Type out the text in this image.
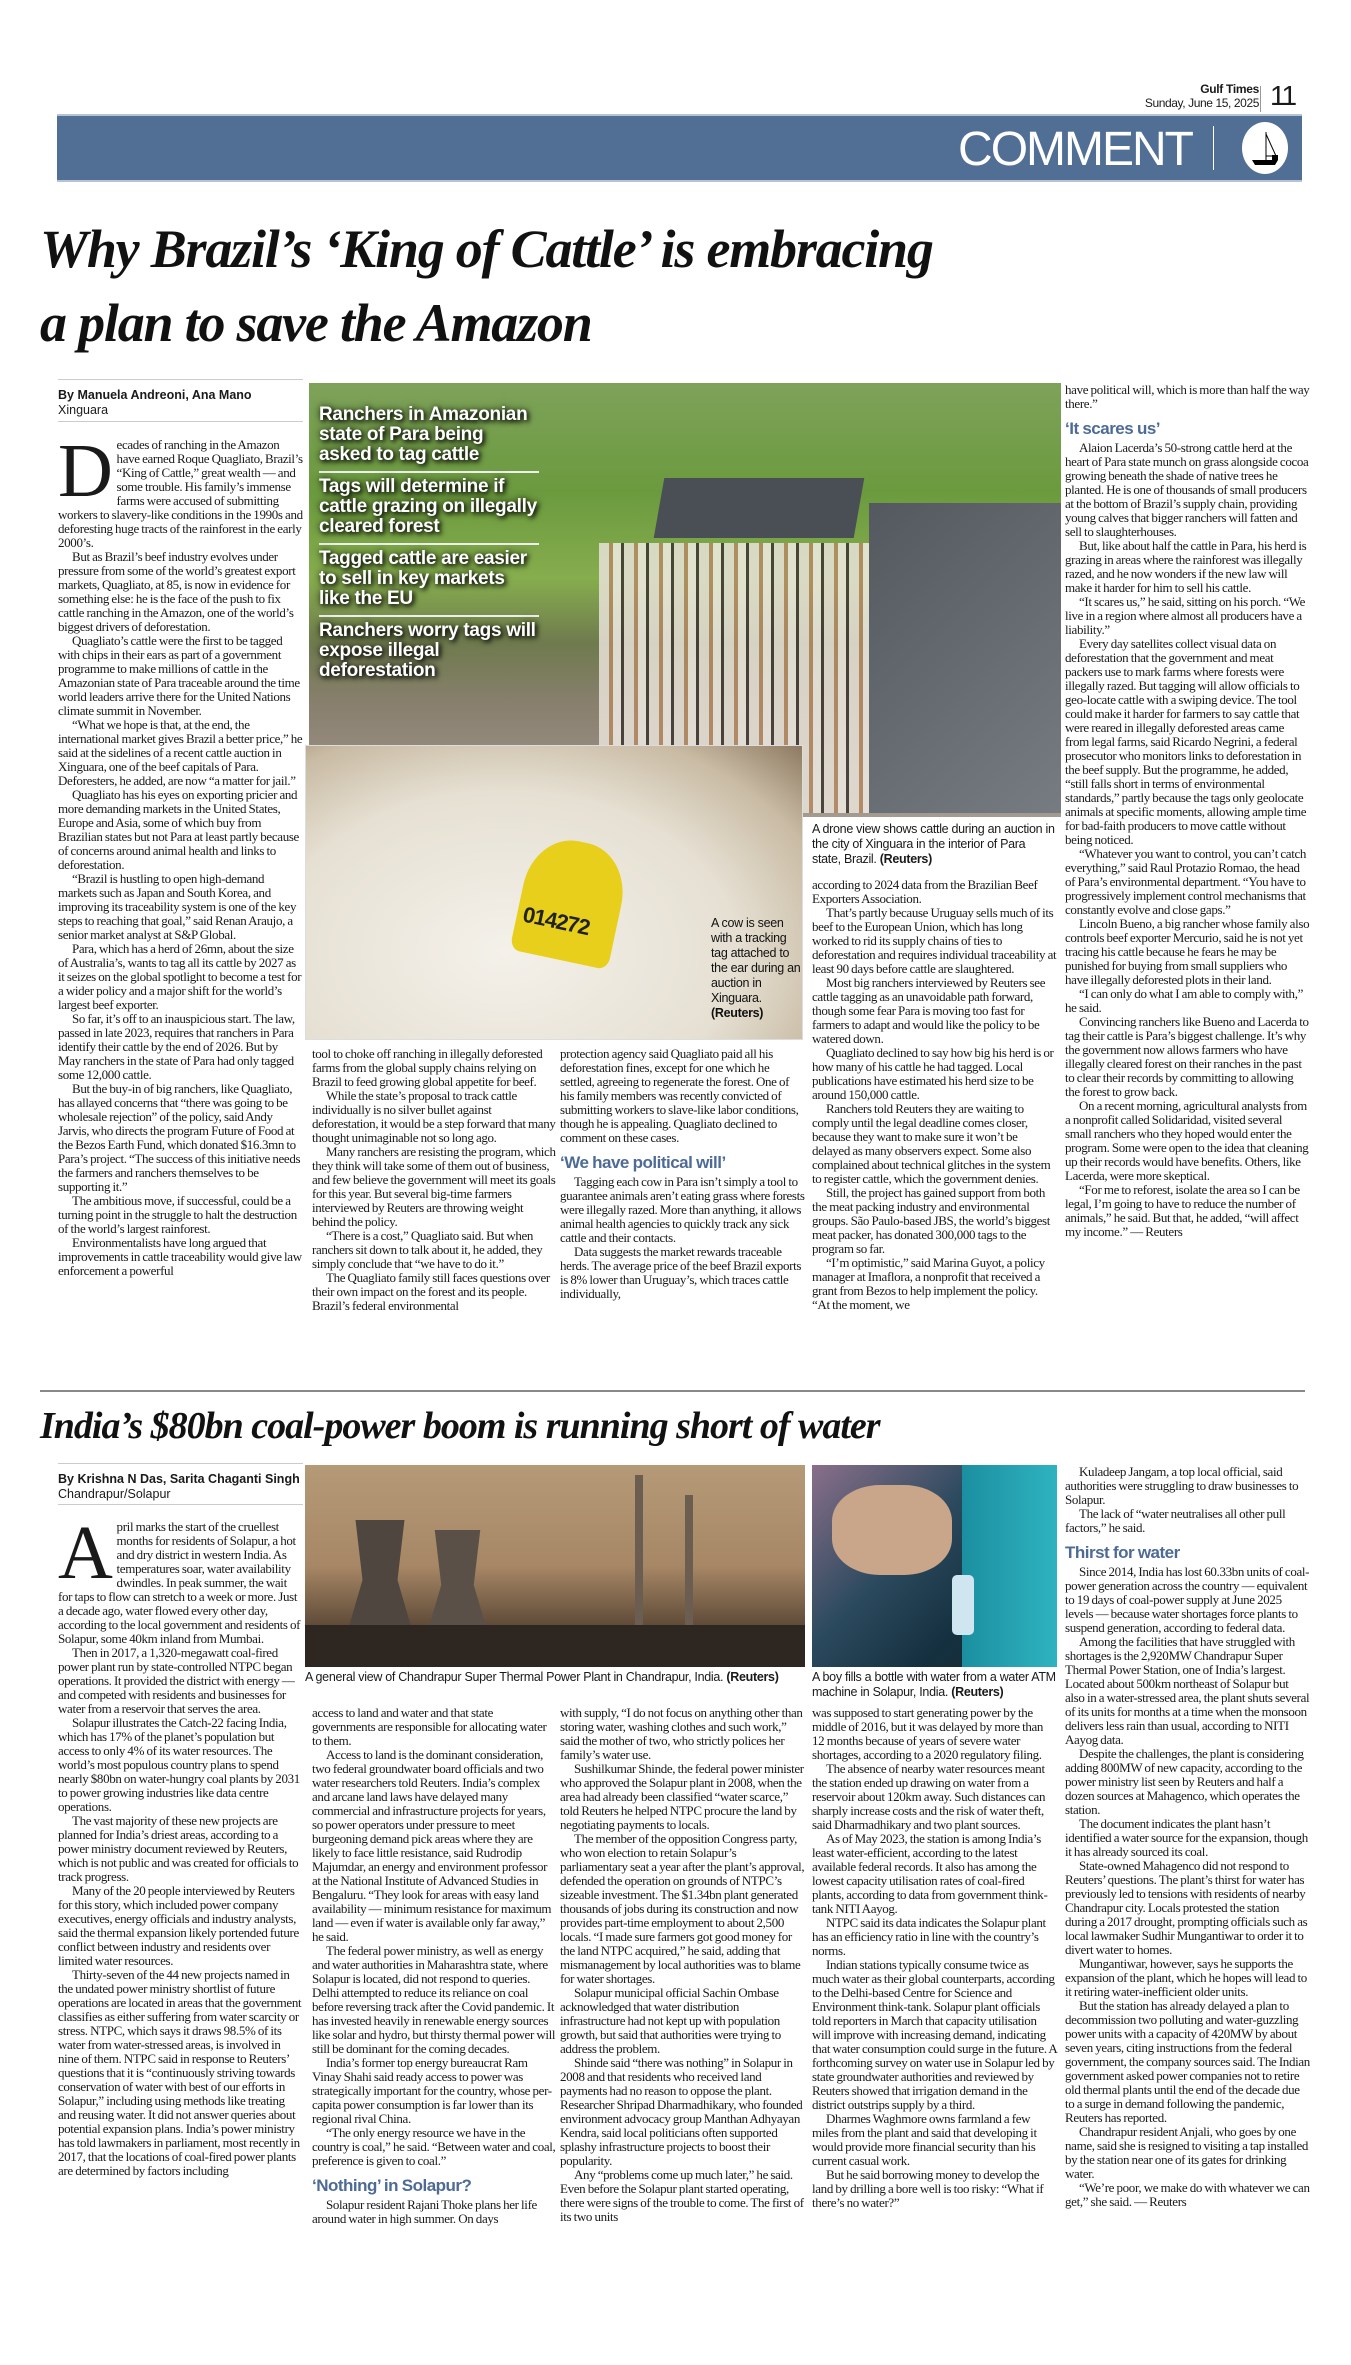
Gulf Times
Sunday, June 15, 2025 11
COMMENT
Why Brazil’s ‘King of Cattle’ is embracing
a plan to save the Amazon
By Manuela Andreoni, Ana Mano
Xinguara	Ranchers in Amazonian state of Para being asked to tag cattle
Tags will determine if cattle grazing on illegally cleared forest
Tagged cattle are easier to sell in key markets like the EU
Ranchers worry tags will expose illegal deforestation
014272	A cow is seen with a tracking tag attached to the ear during an auction in Xinguara. (Reuters)
A drone view shows cattle during an auction in the city of Xinguara in the interior of Para state, Brazil. (Reuters)

Decades of ranching in the Amazon have earned Roque Quagliato, Brazil’s “King of Cattle,” great wealth — and some trouble. His family’s immense farms were accused of submitting workers to slavery-like conditions in the 1990s and deforesting huge tracts of the rainforest in the early 2000’s.

But as Brazil’s beef industry evolves under pressure from some of the world’s greatest export markets, Quagliato, at 85, is now in evidence for something else: he is the face of the push to fix cattle ranching in the Amazon, one of the world’s biggest drivers of deforestation.

Quagliato’s cattle were the first to be tagged with chips in their ears as part of a government programme to make millions of cattle in the Amazonian state of Para traceable around the time world leaders arrive there for the United Nations climate summit in November.

“What we hope is that, at the end, the international market gives Brazil a better price,” he said at the sidelines of a recent cattle auction in Xinguara, one of the beef capitals of Para. Deforesters, he added, are now “a matter for jail.”

Quagliato has his eyes on exporting pricier and more demanding markets in the United States, Europe and Asia, some of which buy from Brazilian states but not Para at least partly because of concerns around animal health and links to deforestation.

“Brazil is hustling to open high-demand markets such as Japan and South Korea, and improving its traceability system is one of the key steps to reaching that goal,” said Renan Araujo, a senior market analyst at S&P Global.

Para, which has a herd of 26mn, about the size of Australia’s, wants to tag all its cattle by 2027 as it seizes on the global spotlight to become a test for a wider policy and a major shift for the world’s largest beef exporter.

So far, it’s off to an inauspicious start. The law, passed in late 2023, requires that ranchers in Para identify their cattle by the end of 2026. But by May ranchers in the state of Para had only tagged some 12,000 cattle.

But the buy-in of big ranchers, like Quagliato, has allayed concerns that “there was going to be wholesale rejection” of the policy, said Andy Jarvis, who directs the program Future of Food at the Bezos Earth Fund, which donated $16.3mn to Para’s project. “The success of this initiative needs the farmers and ranchers themselves to be supporting it.”

The ambitious move, if successful, could be a turning point in the struggle to halt the destruction of the world’s largest rainforest.

Environmentalists have long argued that improvements in cattle traceability would give law enforcement a powerful

tool to choke off ranching in illegally deforested farms from the global supply chains relying on Brazil to feed growing global appetite for beef.

While the state’s proposal to track cattle individually is no silver bullet against deforestation, it would be a step forward that many thought unimaginable not so long ago.

Many ranchers are resisting the program, which they think will take some of them out of business, and few believe the government will meet its goals for this year. But several big-time farmers interviewed by Reuters are throwing weight behind the policy.

“There is a cost,” Quagliato said. But when ranchers sit down to talk about it, he added, they simply conclude that “we have to do it.”

The Quagliato family still faces questions over their own impact on the forest and its people. Brazil’s federal environmental

protection agency said Quagliato paid all his deforestation fines, except for one which he settled, agreeing to regenerate the forest. One of his family members was recently convicted of submitting workers to slave-like labor conditions, though he is appealing. Quagliato declined to comment on these cases.

‘We have political will’

Tagging each cow in Para isn’t simply a tool to guarantee animals aren’t eating grass where forests were illegally razed. More than anything, it allows animal health agencies to quickly track any sick cattle and their contacts.

Data suggests the market rewards traceable herds. The average price of the beef Brazil exports is 8% lower than Uruguay’s, which traces cattle individually,

according to 2024 data from the Brazilian Beef Exporters Association.

That’s partly because Uruguay sells much of its beef to the European Union, which has long worked to rid its supply chains of ties to deforestation and requires individual traceability at least 90 days before cattle are slaughtered.

Most big ranchers interviewed by Reuters see cattle tagging as an unavoidable path forward, though some fear Para is moving too fast for farmers to adapt and would like the policy to be watered down.

Quagliato declined to say how big his herd is or how many of his cattle he had tagged. Local publications have estimated his herd size to be around 150,000 cattle.

Ranchers told Reuters they are waiting to comply until the legal deadline comes closer, because they want to make sure it won’t be delayed as many observers expect. Some also complained about technical glitches in the system to register cattle, which the government denies.

Still, the project has gained support from both the meat packing industry and environmental groups. São Paulo-based JBS, the world’s biggest meat packer, has donated 300,000 tags to the program so far.

“I’m optimistic,” said Marina Guyot, a policy manager at Imaflora, a nonprofit that received a grant from Bezos to help implement the policy. “At the moment, we

have political will, which is more than half the way there.”

‘It scares us’

Alaion Lacerda’s 50-strong cattle herd at the heart of Para state munch on grass alongside cocoa growing beneath the shade of native trees he planted. He is one of thousands of small producers at the bottom of Brazil’s supply chain, providing young calves that bigger ranchers will fatten and sell to slaughterhouses.

But, like about half the cattle in Para, his herd is grazing in areas where the rainforest was illegally razed, and he now wonders if the new law will make it harder for him to sell his cattle.

“It scares us,” he said, sitting on his porch. “We live in a region where almost all producers have a liability.”

Every day satellites collect visual data on deforestation that the government and meat packers use to mark farms where forests were illegally razed. But tagging will allow officials to geo-locate cattle with a swiping device. The tool could make it harder for farmers to say cattle that were reared in illegally deforested areas came from legal farms, said Ricardo Negrini, a federal prosecutor who monitors links to deforestation in the beef supply. But the programme, he added, “still falls short in terms of environmental standards,” partly because the tags only geolocate animals at specific moments, allowing ample time for bad-faith producers to move cattle without being noticed.

“Whatever you want to control, you can’t catch everything,” said Raul Protazio Romao, the head of Para’s environmental department. “You have to progressively implement control mechanisms that constantly evolve and close gaps.”

Lincoln Bueno, a big rancher whose family also controls beef exporter Mercurio, said he is not yet tracing his cattle because he fears he may be punished for buying from small suppliers who have illegally deforested plots in their land.

“I can only do what I am able to comply with,” he said.

Convincing ranchers like Bueno and Lacerda to tag their cattle is Para’s biggest challenge. It’s why the government now allows farmers who have illegally cleared forest on their ranches in the past to clear their records by committing to allowing the forest to grow back.

On a recent morning, agricultural analysts from a nonprofit called Solidaridad, visited several small ranchers who they hoped would enter the program. Some were open to the idea that cleaning up their records would have benefits. Others, like Lacerda, were more skeptical.

“For me to reforest, isolate the area so I can be legal, I’m going to have to reduce the number of animals,” he said. But that, he added, “will affect my income.” — Reuters

India’s $80bn coal-power boom is running short of water
By Krishna N Das, Sarita Chaganti Singh
Chandrapur/Solapur
A general view of Chandrapur Super Thermal Power Plant in Chandrapur, India. (Reuters)	A boy fills a bottle with water from a water ATM machine in Solapur, India. (Reuters)

April marks the start of the cruellest months for residents of Solapur, a hot and dry district in western India. As temperatures soar, water availability dwindles. In peak summer, the wait for taps to flow can stretch to a week or more. Just a decade ago, water flowed every other day, according to the local government and residents of Solapur, some 40km inland from Mumbai.

Then in 2017, a 1,320-megawatt coal-fired power plant run by state-controlled NTPC began operations. It provided the district with energy — and competed with residents and businesses for water from a reservoir that serves the area.

Solapur illustrates the Catch-22 facing India, which has 17% of the planet’s population but access to only 4% of its water resources. The world’s most populous country plans to spend nearly $80bn on water-hungry coal plants by 2031 to power growing industries like data centre operations.

The vast majority of these new projects are planned for India’s driest areas, according to a power ministry document reviewed by Reuters, which is not public and was created for officials to track progress.

Many of the 20 people interviewed by Reuters for this story, which included power company executives, energy officials and industry analysts, said the thermal expansion likely portended future conflict between industry and residents over limited water resources.

Thirty-seven of the 44 new projects named in the undated power ministry shortlist of future operations are located in areas that the government classifies as either suffering from water scarcity or stress. NTPC, which says it draws 98.5% of its water from water-stressed areas, is involved in nine of them. NTPC said in response to Reuters’ questions that it is “continuously striving towards conservation of water with best of our efforts in Solapur,” including using methods like treating and reusing water. It did not answer queries about potential expansion plans. India’s power ministry has told lawmakers in parliament, most recently in 2017, that the locations of coal-fired power plants are determined by factors including

access to land and water and that state governments are responsible for allocating water to them.

Access to land is the dominant consideration, two federal groundwater board officials and two water researchers told Reuters. India’s complex and arcane land laws have delayed many commercial and infrastructure projects for years, so power operators under pressure to meet burgeoning demand pick areas where they are likely to face little resistance, said Rudrodip Majumdar, an energy and environment professor at the National Institute of Advanced Studies in Bengaluru. “They look for areas with easy land availability — minimum resistance for maximum land — even if water is available only far away,” he said.

The federal power ministry, as well as energy and water authorities in Maharashtra state, where Solapur is located, did not respond to queries. Delhi attempted to reduce its reliance on coal before reversing track after the Covid pandemic. It has invested heavily in renewable energy sources like solar and hydro, but thirsty thermal power will still be dominant for the coming decades.

India’s former top energy bureaucrat Ram Vinay Shahi said ready access to power was strategically important for the country, whose per-capita power consumption is far lower than its regional rival China.

“The only energy resource we have in the country is coal,” he said. “Between water and coal, preference is given to coal.”

‘Nothing’ in Solapur?

Solapur resident Rajani Thoke plans her life around water in high summer. On days

with supply, “I do not focus on anything other than storing water, washing clothes and such work,” said the mother of two, who strictly polices her family’s water use.

Sushilkumar Shinde, the federal power minister who approved the Solapur plant in 2008, when the area had already been classified “water scarce,” told Reuters he helped NTPC procure the land by negotiating payments to locals.

The member of the opposition Congress party, who won election to retain Solapur’s parliamentary seat a year after the plant’s approval, defended the operation on grounds of NTPC’s sizeable investment. The $1.34bn plant generated thousands of jobs during its construction and now provides part-time employment to about 2,500 locals. “I made sure farmers got good money for the land NTPC acquired,” he said, adding that mismanagement by local authorities was to blame for water shortages.

Solapur municipal official Sachin Ombase acknowledged that water distribution infrastructure had not kept up with population growth, but said that authorities were trying to address the problem.

Shinde said “there was nothing” in Solapur in 2008 and that residents who received land payments had no reason to oppose the plant. Researcher Shripad Dharmadhikary, who founded environment advocacy group Manthan Adhyayan Kendra, said local politicians often supported splashy infrastructure projects to boost their popularity.

Any “problems come up much later,” he said. Even before the Solapur plant started operating, there were signs of the trouble to come. The first of its two units

was supposed to start generating power by the middle of 2016, but it was delayed by more than 12 months because of years of severe water shortages, according to a 2020 regulatory filing.

The absence of nearby water resources meant the station ended up drawing on water from a reservoir about 120km away. Such distances can sharply increase costs and the risk of water theft, said Dharmadhikary and two plant sources.

As of May 2023, the station is among India’s least water-efficient, according to the latest available federal records. It also has among the lowest capacity utilisation rates of coal-fired plants, according to data from government think-tank NITI Aayog.

NTPC said its data indicates the Solapur plant has an efficiency ratio in line with the country’s norms.

Indian stations typically consume twice as much water as their global counterparts, according to the Delhi-based Centre for Science and Environment think-tank. Solapur plant officials told reporters in March that capacity utilisation will improve with increasing demand, indicating that water consumption could surge in the future. A forthcoming survey on water use in Solapur led by state groundwater authorities and reviewed by Reuters showed that irrigation demand in the district outstrips supply by a third.

Dharmes Waghmore owns farmland a few miles from the plant and said that developing it would provide more financial security than his current casual work.

But he said borrowing money to develop the land by drilling a bore well is too risky: “What if there’s no water?”

Kuladeep Jangam, a top local official, said authorities were struggling to draw businesses to Solapur.

The lack of “water neutralises all other pull factors,” he said.

Thirst for water

Since 2014, India has lost 60.33bn units of coal-power generation across the country — equivalent to 19 days of coal-power supply at June 2025 levels — because water shortages force plants to suspend generation, according to federal data.

Among the facilities that have struggled with shortages is the 2,920MW Chandrapur Super Thermal Power Station, one of India’s largest. Located about 500km northeast of Solapur but also in a water-stressed area, the plant shuts several of its units for months at a time when the monsoon delivers less rain than usual, according to NITI Aayog data.

Despite the challenges, the plant is considering adding 800MW of new capacity, according to the power ministry list seen by Reuters and half a dozen sources at Mahagenco, which operates the station.

The document indicates the plant hasn’t identified a water source for the expansion, though it has already sourced its coal.

State-owned Mahagenco did not respond to Reuters’ questions. The plant’s thirst for water has previously led to tensions with residents of nearby Chandrapur city. Locals protested the station during a 2017 drought, prompting officials such as local lawmaker Sudhir Mungantiwar to order it to divert water to homes.

Mungantiwar, however, says he supports the expansion of the plant, which he hopes will lead to it retiring water-inefficient older units.

But the station has already delayed a plan to decommission two polluting and water-guzzling power units with a capacity of 420MW by about seven years, citing instructions from the federal government, the company sources said. The Indian government asked power companies not to retire old thermal plants until the end of the decade due to a surge in demand following the pandemic, Reuters has reported.

Chandrapur resident Anjali, who goes by one name, said she is resigned to visiting a tap installed by the station near one of its gates for drinking water.

“We’re poor, we make do with whatever we can get,” she said. — Reuters
